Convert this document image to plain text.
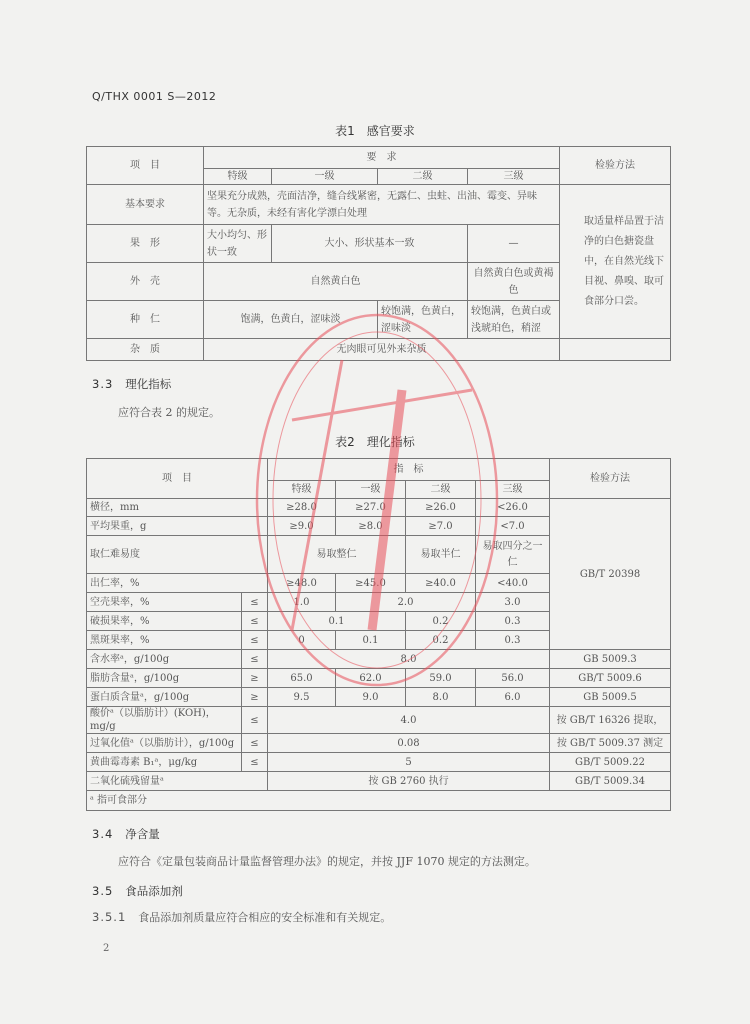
Q/THX 0001 S—2012
表1　感官要求
项　目	要　求				检验方法
	特级	一级	二级	三级	
基本要求	坚果充分成熟，壳面洁净，缝合线紧密，无露仁、虫蛀、出油、霉变、异味等。无杂质，未经有害化学漂白处理				取适量样品置于洁净的白色搪瓷盘中，在自然光线下目视、鼻嗅、取可食部分口尝。
果　形	大小均匀、形状一致	大小、形状基本一致		—	
外　壳	自然黄白色			自然黄白色或黄褐色	
种　仁	饱满，色黄白，涩味淡		较饱满，色黄白，涩味淡	较饱满，色黄白或浅琥珀色，稍涩	
杂　质	无肉眼可见外来杂质				
3.3 理化指标
应符合表 2 的规定。
表2　理化指标
项　目		指　标				检验方法
		特级	一级	二级	三级	
横径，mm		≥28.0	≥27.0	≥26.0	<26.0	GB/T 20398
平均果重，g		≥9.0	≥8.0	≥7.0	<7.0	
取仁难易度		易取整仁		易取半仁	易取四分之一仁	
出仁率，%		≥48.0	≥45.0	≥40.0	<40.0	
空壳果率，%	≤	1.0	2.0		3.0	
破损果率，%	≤	0.1		0.2	0.3	
黑斑果率，%	≤	0	0.1	0.2	0.3	
含水率ᵃ，g/100g	≤	8.0				GB 5009.3
脂肪含量ᵃ，g/100g	≥	65.0	62.0	59.0	56.0	GB/T 5009.6
蛋白质含量ᵃ，g/100g	≥	9.5	9.0	8.0	6.0	GB 5009.5
酸价ᵃ（以脂肪计）(KOH)，mg/g	≤	4.0				按 GB/T 16326 提取，
过氧化值ᵃ（以脂肪计），g/100g	≤	0.08				按 GB/T 5009.37 测定
黄曲霉毒素 B₁ᵃ，μg/kg	≤	5				GB/T 5009.22
二氧化硫残留量ᵃ		按 GB 2760 执行				GB/T 5009.34
ᵃ 指可食部分						
3.4 净含量
应符合《定量包装商品计量监督管理办法》的规定，并按 JJF 1070 规定的方法测定。
3.5 食品添加剂
3.5.1 食品添加剂质量应符合相应的安全标准和有关规定。
2
